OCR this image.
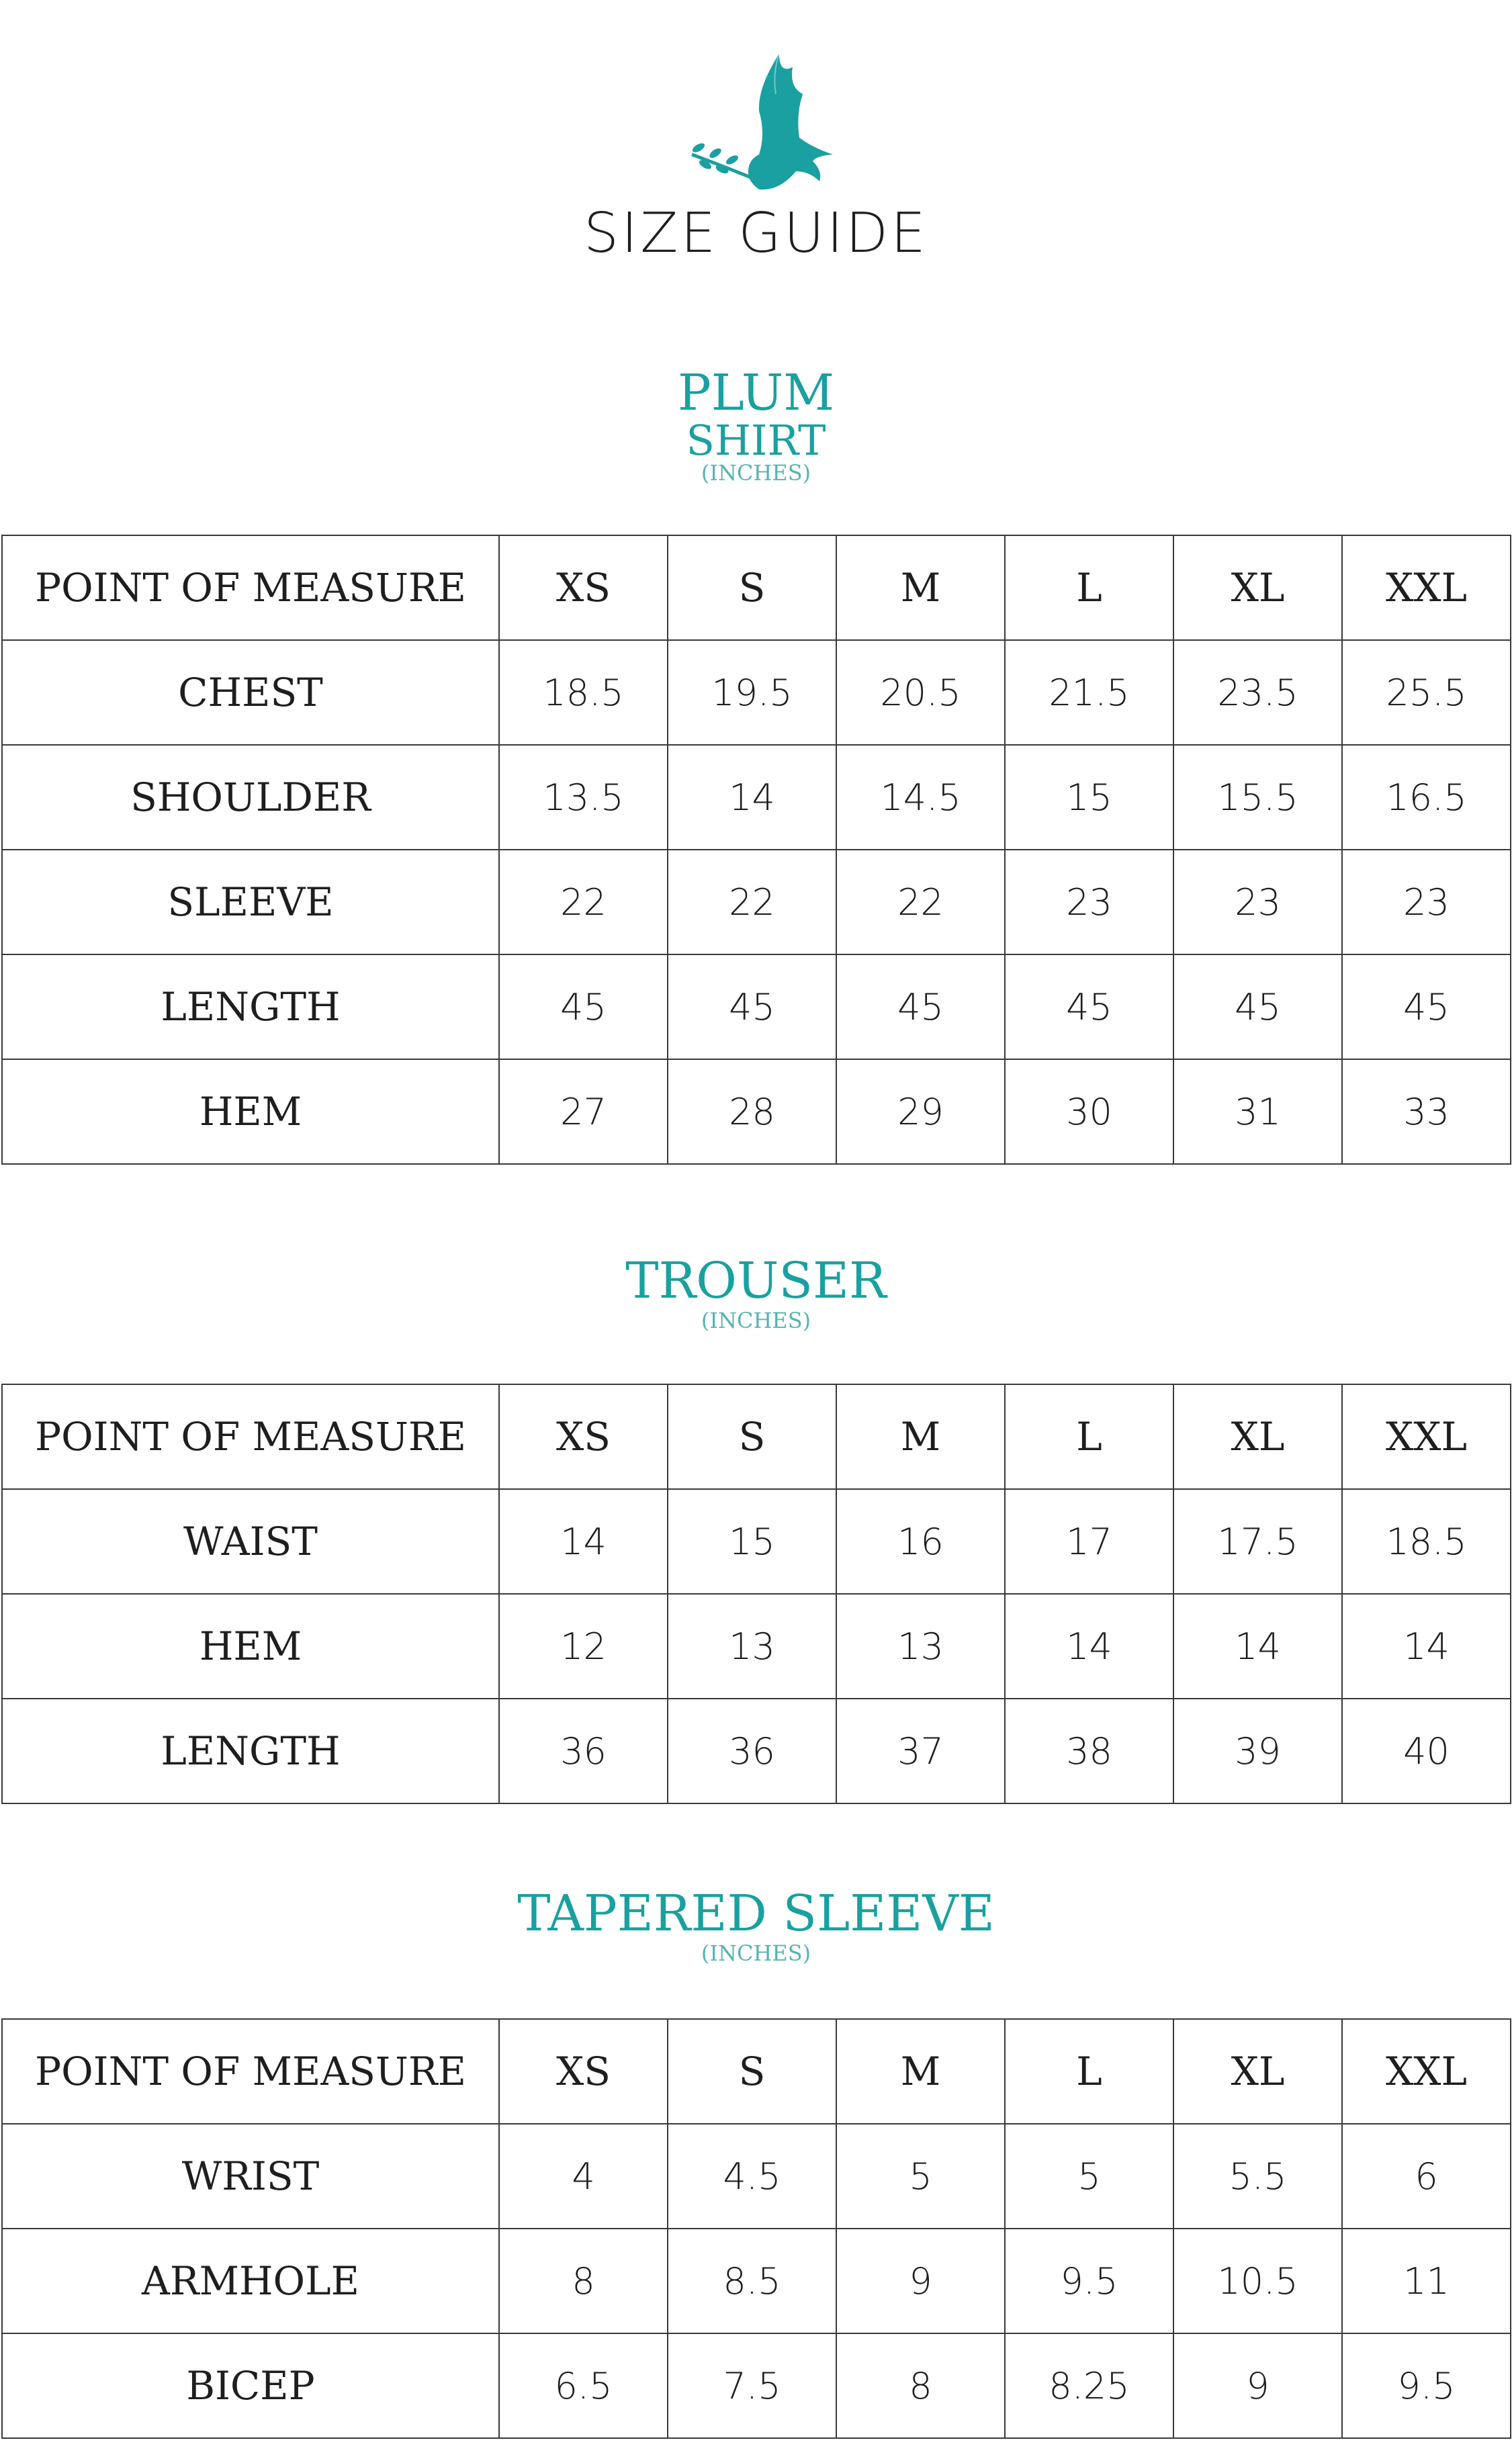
SIZE GUIDE
PLUM
SHIRT
(INCHES)
POINT OF MEASURE	XS	S	M	L	XL	XXL
CHEST	18.5	19.5	20.5	21.5	23.5	25.5
SHOULDER	13.5	14	14.5	15	15.5	16.5
SLEEVE	22	22	22	23	23	23
LENGTH	45	45	45	45	45	45
HEM	27	28	29	30	31	33
TROUSER
(INCHES)
POINT OF MEASURE	XS	S	M	L	XL	XXL
WAIST	14	15	16	17	17.5	18.5
HEM	12	13	13	14	14	14
LENGTH	36	36	37	38	39	40
TAPERED SLEEVE
(INCHES)
POINT OF MEASURE	XS	S	M	L	XL	XXL
WRIST	4	4.5	5	5	5.5	6
ARMHOLE	8	8.5	9	9.5	10.5	11
BICEP	6.5	7.5	8	8.25	9	9.5
